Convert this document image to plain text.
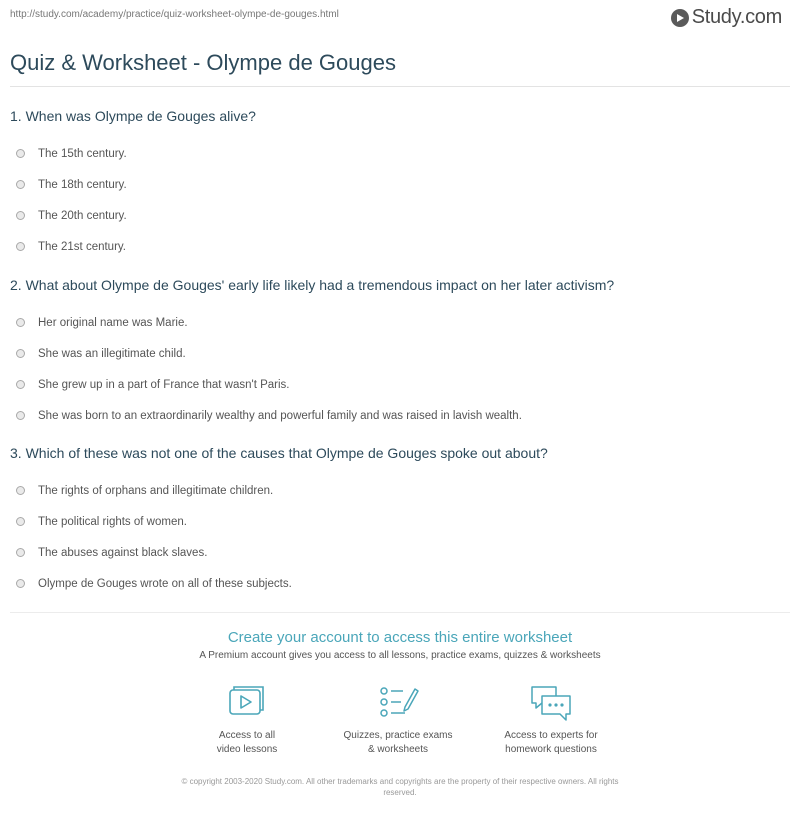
http://study.com/academy/practice/quiz-worksheet-olympe-de-gouges.html	Study.com
Quiz & Worksheet - Olympe de Gouges
1. When was Olympe de Gouges alive?
The 15th century.
The 18th century.
The 20th century.
The 21st century.
2. What about Olympe de Gouges' early life likely had a tremendous impact on her later activism?
Her original name was Marie.
She was an illegitimate child.
She grew up in a part of France that wasn't Paris.
She was born to an extraordinarily wealthy and powerful family and was raised in lavish wealth.
3. Which of these was not one of the causes that Olympe de Gouges spoke out about?
The rights of orphans and illegitimate children.
The political rights of women.
The abuses against black slaves.
Olympe de Gouges wrote on all of these subjects.
Create your account to access this entire worksheet
A Premium account gives you access to all lessons, practice exams, quizzes & worksheets
Access to all
video lessons
Quizzes, practice exams
& worksheets
Access to experts for
homework questions
© copyright 2003-2020 Study.com. All other trademarks and copyrights are the property of their respective owners. All rights
reserved.
